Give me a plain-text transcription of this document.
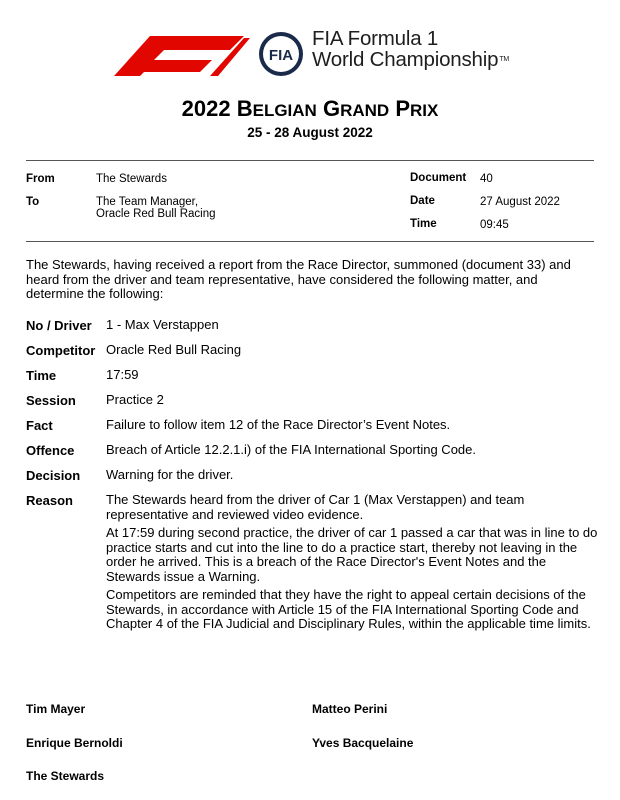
FIA
FIA Formula 1
World ChampionshipTM
2022 BELGIAN GRAND PRIX
25 - 28 August 2022
From	The Stewards
To	The Team Manager,
Oracle Red Bull Racing
Document 40
Date	27 August 2022
Time	09:45
The Stewards, having received a report from the Race Director, summoned (document 33) and heard from the driver and team representative, have considered the following matter, and determine the following:
No / Driver 1 - Max Verstappen
Competitor Oracle Red Bull Racing
Time	17:59
Session Practice 2
Fact	Failure to follow item 12 of the Race Director’s Event Notes.
Offence Breach of Article 12.2.1.i) of the FIA International Sporting Code.
Decision Warning for the driver.
Reason	The Stewards heard from the driver of Car 1 (Max Verstappen) and team representative and reviewed video evidence.

At 17:59 during second practice, the driver of car 1 passed a car that was in line to do practice starts and cut into the line to do a practice start, thereby not leaving in the order he arrived. This is a breach of the Race Director's Event Notes and the Stewards issue a Warning.

Competitors are reminded that they have the right to appeal certain decisions of the Stewards, in accordance with Article 15 of the FIA International Sporting Code and Chapter 4 of the FIA Judicial and Disciplinary Rules, within the applicable time limits.

Tim Mayer	Matteo Perini
Enrique Bernoldi	Yves Bacquelaine
The Stewards
